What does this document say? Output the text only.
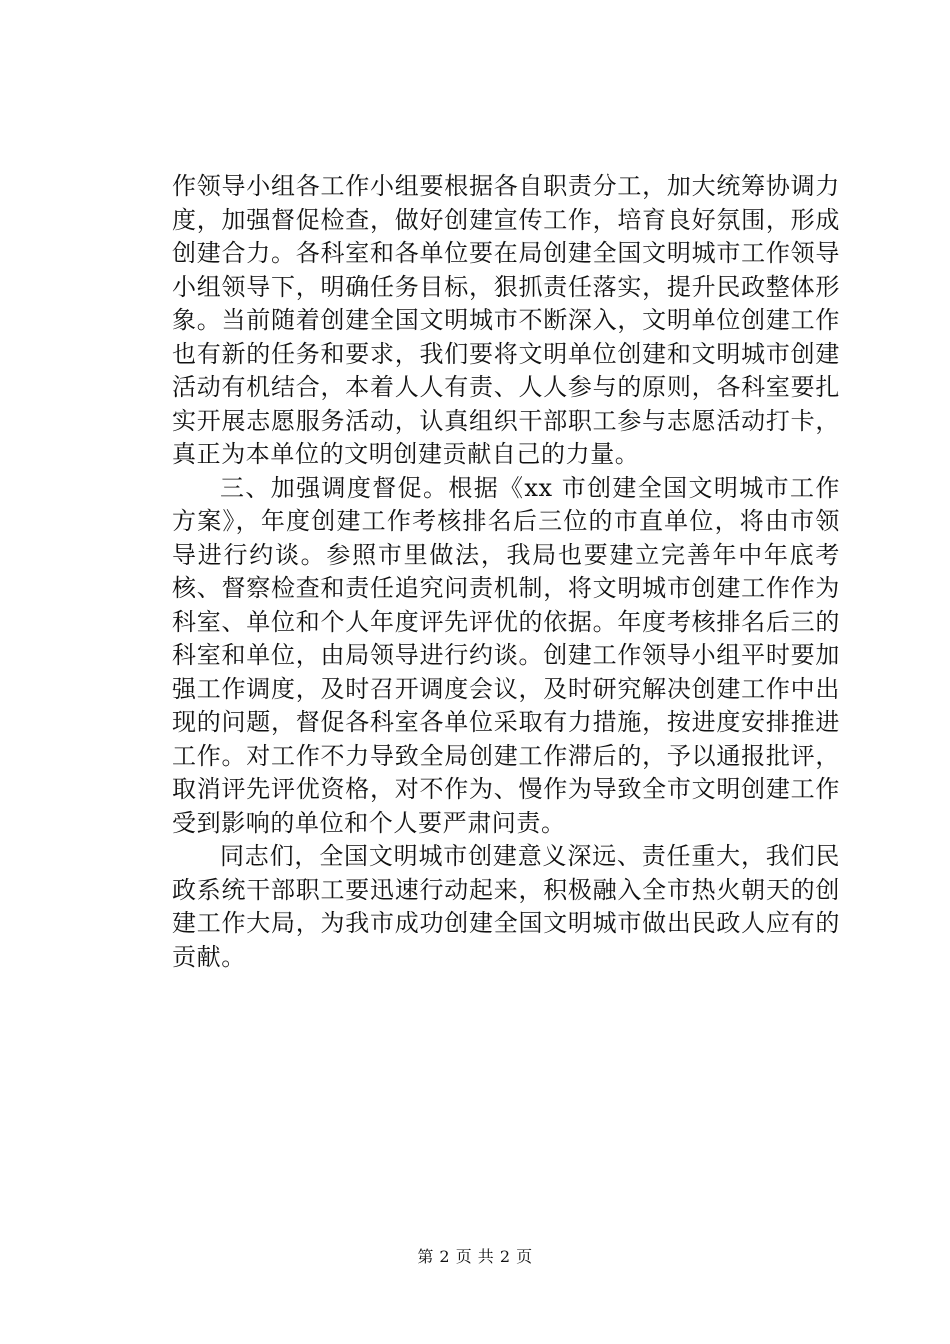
作领导小组各工作小组要根据各自职责分工，加大统筹协调力度，加强督促检查，做好创建宣传工作，培育良好氛围，形成创建合力。各科室和各单位要在局创建全国文明城市工作领导小组领导下，明确任务目标，狠抓责任落实，提升民政整体形象。当前随着创建全国文明城市不断深入，文明单位创建工作也有新的任务和要求，我们要将文明单位创建和文明城市创建活动有机结合，本着人人有责、人人参与的原则，各科室要扎实开展志愿服务活动，认真组织干部职工参与志愿活动打卡，真正为本单位的文明创建贡献自己的力量。

三、加强调度督促。根据《xx 市创建全国文明城市工作方案》，年度创建工作考核排名后三位的市直单位，将由市领导进行约谈。参照市里做法，我局也要建立完善年中年底考核、督察检查和责任追究问责机制，将文明城市创建工作作为科室、单位和个人年度评先评优的依据。年度考核排名后三的科室和单位，由局领导进行约谈。创建工作领导小组平时要加强工作调度，及时召开调度会议，及时研究解决创建工作中出现的问题，督促各科室各单位采取有力措施，按进度安排推进工作。对工作不力导致全局创建工作滞后的，予以通报批评，取消评先评优资格，对不作为、慢作为导致全市文明创建工作受到影响的单位和个人要严肃问责。

同志们，全国文明城市创建意义深远、责任重大，我们民政系统干部职工要迅速行动起来，积极融入全市热火朝天的创建工作大局，为我市成功创建全国文明城市做出民政人应有的贡献。

第 2 页 共 2 页
